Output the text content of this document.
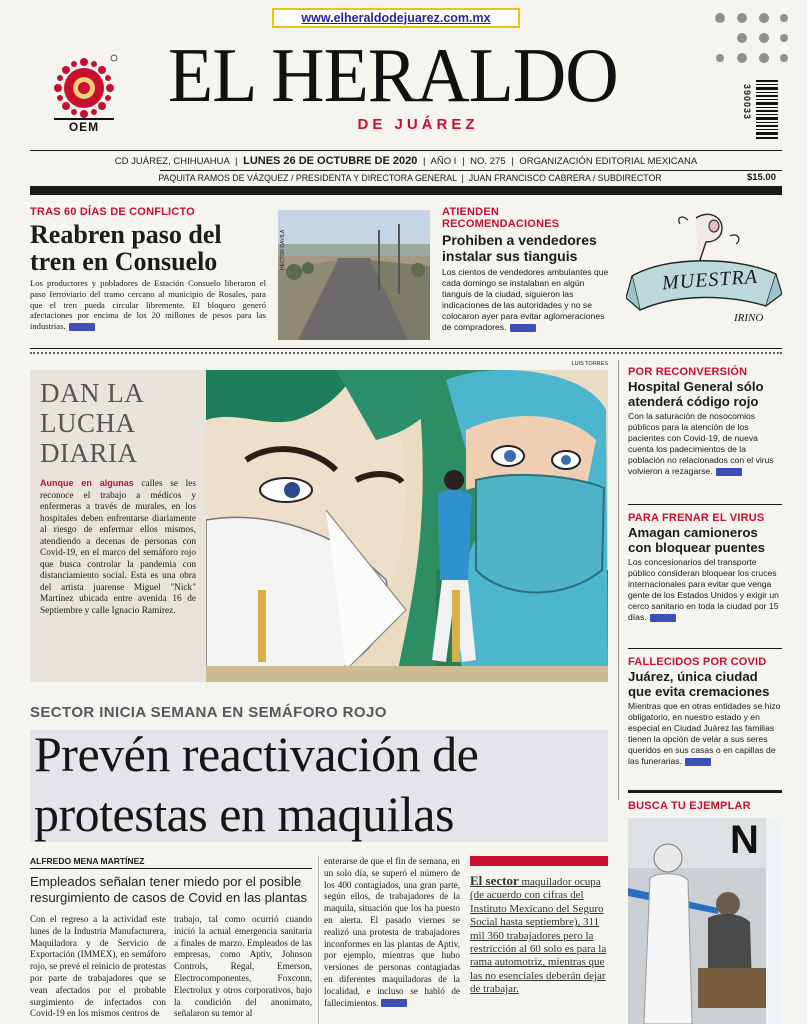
www.elheraldodejuarez.com.mx
OEM
EL HERALDO
DE JUÁREZ
390033
CD JUÁREZ, CHIHUAHUA | LUNES 26 DE OCTUBRE DE 2020 | AÑO I | NO. 275 | ORGANIZACIÓN EDITORIAL MEXICANA
PAQUITA RAMOS DE VÁZQUEZ / PRESIDENTA Y DIRECTORA GENERAL  |  JUAN FRANCISCO CABRERA / SUBDIRECTOR	$15.00
TRAS 60 DÍAS DE CONFLICTO
Reabren paso del tren en Consuelo
Los productores y pobladores de Estación Consuelo liberaron el paso ferroviario del tramo cercano al municipio de Rosales, para que el tren pueda circular libremente. El bloqueo generó afectaciones por encima de los 20 millones de pesos para las industrias.
HÉCTOR DÁVILA
ATIENDEN RECOMENDACIONES
Prohiben a vendedores instalar sus tianguis
Los cientos de vendedores ambulantes que cada domingo se instalaban en algún tianguis de la ciudad, siguieron las indicaciones de las autoridades y no se colocaron ayer para evitar aglomeraciones de compradores.
MUESTRA
IRINO
LUIS TORRES
DAN LA LUCHA DIARIA
Aunque en algunas calles se les reconoce el trabajo a médicos y enfermeras a través de murales, en los hospitales deben enfrentarse diariamente al riesgo de enfermar ellos mismos, atendiendo a decenas de personas con Covid-19, en el marco del semáforo rojo que busca controlar la pandemia con distanciamiento social. Esta es una obra del artista juarense Miguel "Nick" Martínez ubicada entre avenida 16 de Septiembre y calle Ignacio Ramírez.
POR RECONVERSIÓN
Hospital General sólo atenderá código rojo
Con la saturación de nosocomios públicos para la atención de los pacientes con Covid-19, de nueva cuenta los padecimientos de la población no relacionados con el virus volvieron a rezagarse.
PARA FRENAR EL VIRUS
Amagan camioneros con bloquear puentes
Los concesionarios del transporte público consideran bloquear los cruces internacionales para evitar que venga gente de los Estados Unidos y exigir un cerco sanitario en toda la ciudad por 15 días.
FALLECIDOS POR COVID
Juárez, única ciudad que evita cremaciones
Mientras que en otras entidades se hizo obligatorio, en nuestro estado y en especial en Ciudad Juárez las familias tienen la opción de velar a sus seres queridos en sus casas o en capillas de las funerarias.
BUSCA TU EJEMPLAR
N
SECTOR INICIA SEMANA EN SEMÁFORO ROJO
Prevén reactivación de
protestas en maquilas
ALFREDO MENA MARTÍNEZ
Empleados señalan tener miedo por el posible resurgimiento de casos de Covid en las plantas
Con el regreso a la actividad este lunes de la Industria Manufacturera, Maquiladora y de Servicio de Exportación (IMMEX), en semáforo rojo, se prevé el reinicio de protestas por parte de trabajadores que se vean afectados por el probable surgimiento de infectados con Covid-19 en los mismos centros de
trabajo, tal como ocurrió cuando inició la actual emergencia sanitaria a finales de marzo. Empleados de las empresas, como Aptiv, Johnson Controls, Regal, Emerson, Electrocomponentes, Foxconn, Electrolux y otros corporativos, bajo la condición del anonimato, señalaron su temor al
enterarse de que el fin de semana, en un solo día, se superó el número de los 400 contagiados, una gran parte, según ellos, de trabajadores de la maquila, situación que los ha puesto en alerta. El pasado viernes se realizó una protesta de trabajadores inconformes en las plantas de Aptiv, por ejemplo, mientras que hubo versiones de personas contagiadas en diferentes maquiladoras de la localidad, e incluso se habló de fallecimientos.
El sector maquilador ocupa (de acuerdo con cifras del Instituto Mexicano del Seguro Social hasta septiembre), 311 mil 360 trabajadores pero la restricción al 60 solo es para la rama automotriz, mientras que las no esenciales deberán dejar de trabajar.
